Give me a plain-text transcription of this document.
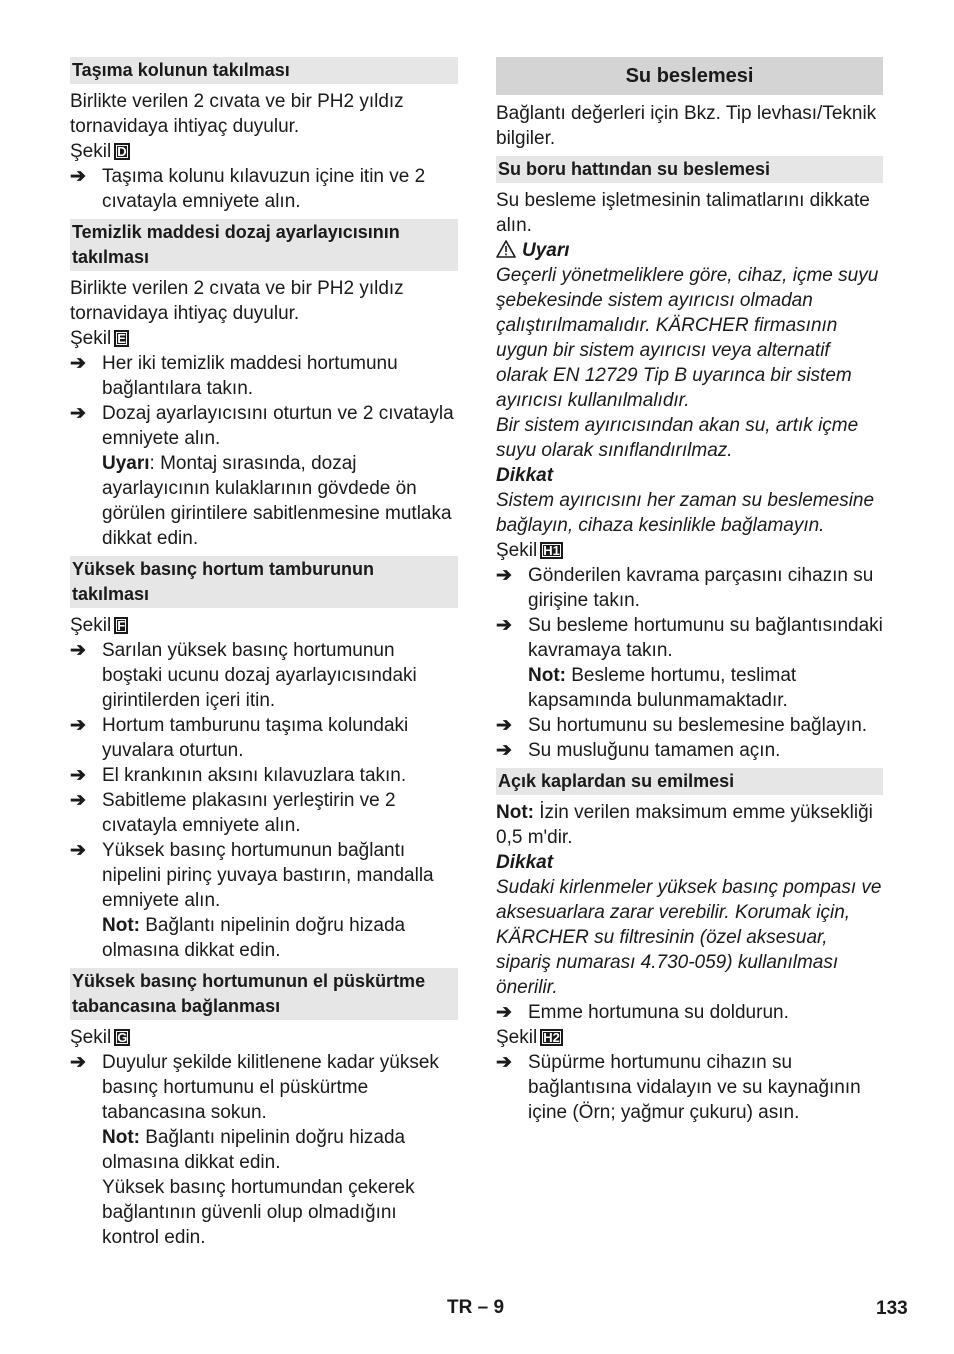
Taşıma kolunun takılması
Birlikte verilen 2 cıvata ve bir PH2 yıldız tornavidaya ihtiyaç duyulur.
Şekil D
➔ Taşıma kolunu kılavuzun içine itin ve 2 cıvatayla emniyete alın.
Temizlik maddesi dozaj ayarlayıcısının takılması
Birlikte verilen 2 cıvata ve bir PH2 yıldız tornavidaya ihtiyaç duyulur.
Şekil E
➔ Her iki temizlik maddesi hortumunu bağlantılara takın.
➔ Dozaj ayarlayıcısını oturtun ve 2 cıvatayla emniyete alın.
Uyarı: Montaj sırasında, dozaj ayarlayıcının kulaklarının gövdede ön görülen girintilere sabitlenmesine mutlaka dikkat edin.
Yüksek basınç hortum tamburunun takılması
Şekil F
➔ Sarılan yüksek basınç hortumunun boştaki ucunu dozaj ayarlayıcısındaki girintilerden içeri itin.
➔ Hortum tamburunu taşıma kolundaki yuvalara oturtun.
➔ El krankının aksını kılavuzlara takın.
➔ Sabitleme plakasını yerleştirin ve 2 cıvatayla emniyete alın.
➔ Yüksek basınç hortumunun bağlantı nipelini pirinç yuvaya bastırın, mandalla emniyete alın.
Not: Bağlantı nipelinin doğru hizada olmasına dikkat edin.
Yüksek basınç hortumunun el püskürtme tabancasına bağlanması
Şekil G
➔ Duyulur şekilde kilitlenene kadar yüksek basınç hortumunu el püskürtme tabancasına sokun.
Not: Bağlantı nipelinin doğru hizada olmasına dikkat edin.
Yüksek basınç hortumundan çekerek bağlantının güvenli olup olmadığını kontrol edin.
Su beslemesi
Bağlantı değerleri için Bkz. Tip levhası/Teknik bilgiler.
Su boru hattından su beslemesi
Su besleme işletmesinin talimatlarını dikkate alın.
Uyarı
Geçerli yönetmeliklere göre, cihaz, içme suyu şebekesinde sistem ayırıcısı olmadan çalıştırılmamalıdır. KÄRCHER firmasının uygun bir sistem ayırıcısı veya alternatif olarak EN 12729 Tip B uyarınca bir sistem ayırıcısı kullanılmalıdır.
Bir sistem ayırıcısından akan su, artık içme suyu olarak sınıflandırılmaz.
Dikkat
Sistem ayırıcısını her zaman su beslemesine bağlayın, cihaza kesinlikle bağlamayın.
Şekil H1
➔ Gönderilen kavrama parçasını cihazın su girişine takın.
➔ Su besleme hortumunu su bağlantısındaki kavramaya takın.
Not: Besleme hortumu, teslimat kapsamında bulunmamaktadır.
➔ Su hortumunu su beslemesine bağlayın.
➔ Su musluğunu tamamen açın.
Açık kaplardan su emilmesi
Not: İzin verilen maksimum emme yüksekliği 0,5 m'dir.
Dikkat
Sudaki kirlenmeler yüksek basınç pompası ve aksesuarlara zarar verebilir. Korumak için, KÄRCHER su filtresinin (özel aksesuar, sipariş numarası 4.730-059) kullanılması önerilir.
➔ Emme hortumuna su doldurun.
Şekil H2
➔ Süpürme hortumunu cihazın su bağlantısına vidalayın ve su kaynağının içine (Örn; yağmur çukuru) asın.
TR – 9	133
